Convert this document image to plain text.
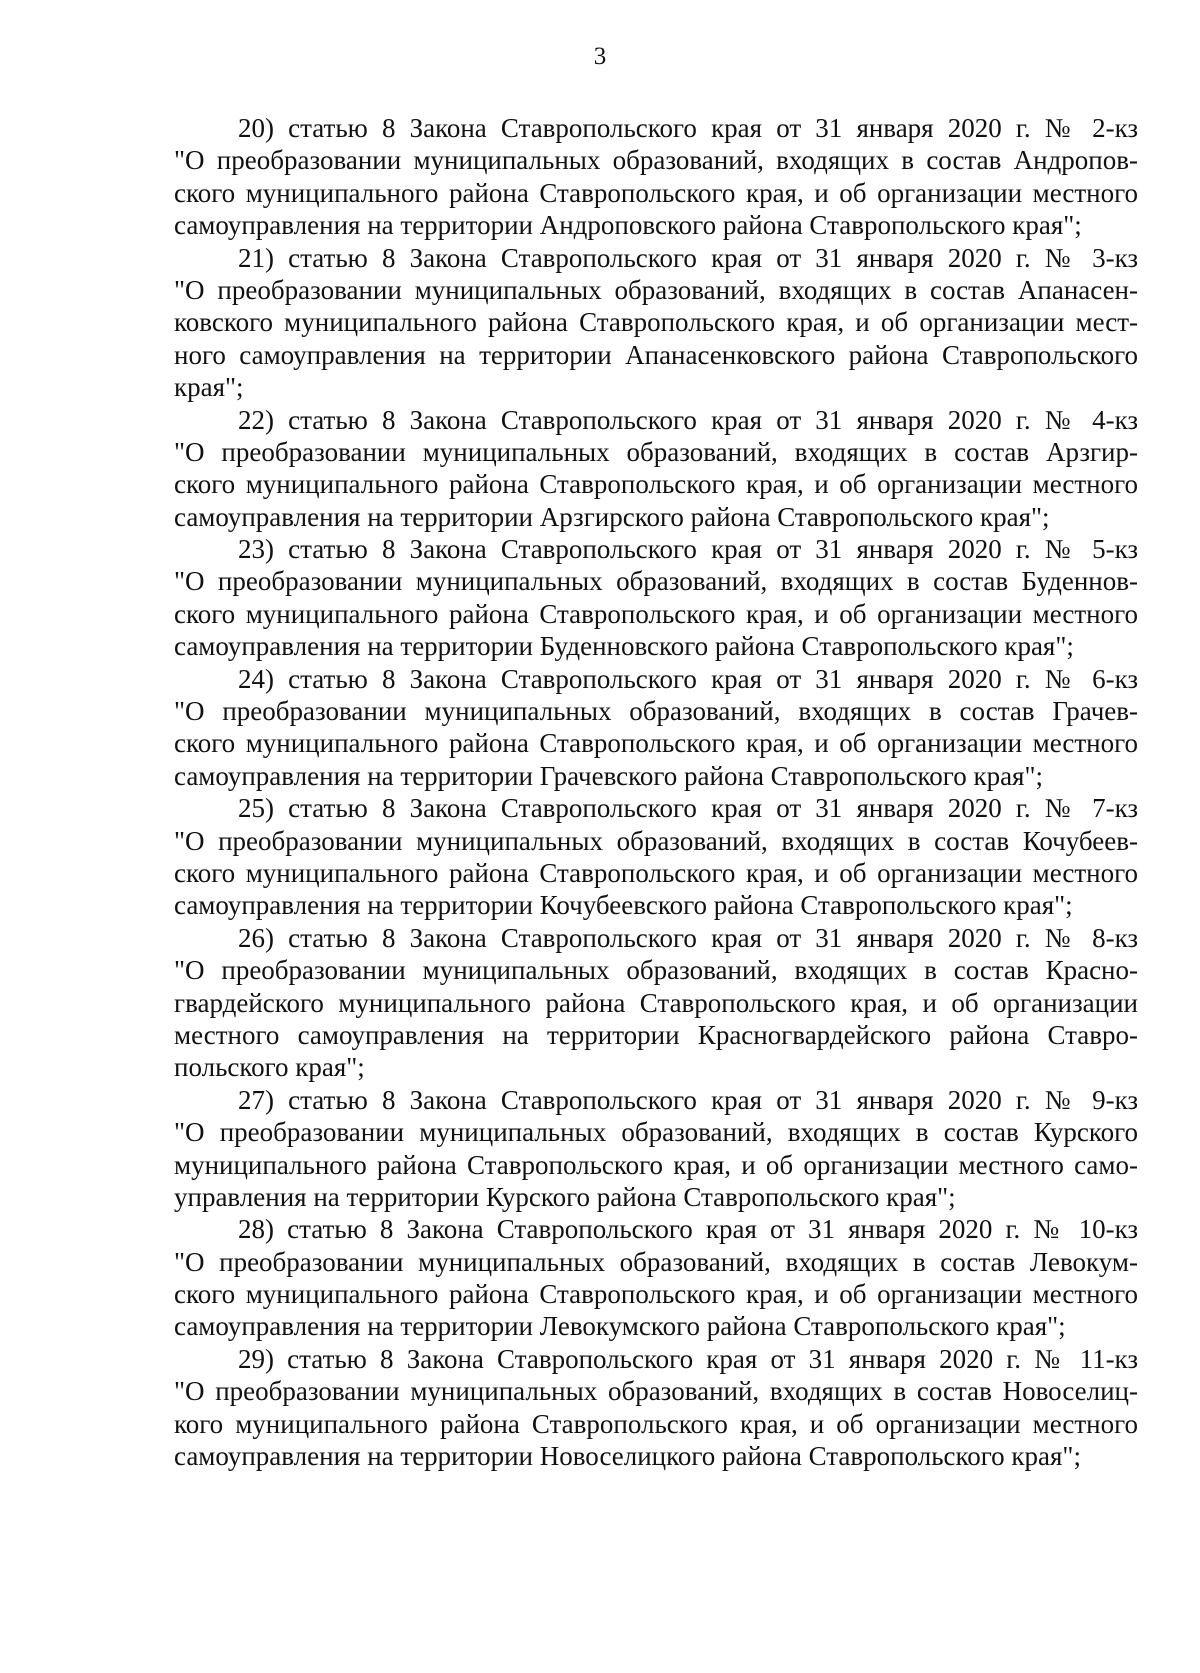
3
20) статью 8 Закона Ставропольского края от 31 января 2020 г. № 2-кз
"О преобразовании муниципальных образований, входящих в состав Андропов-
ского муниципального района Ставропольского края, и об организации местного
самоуправления на территории Андроповского района Ставропольского края";
21) статью 8 Закона Ставропольского края от 31 января 2020 г. № 3-кз
"О преобразовании муниципальных образований, входящих в состав Апанасен-
ковского муниципального района Ставропольского края, и об организации мест-
ного самоуправления на территории Апанасенковского района Ставропольского
края";
22) статью 8 Закона Ставропольского края от 31 января 2020 г. № 4-кз
"О преобразовании муниципальных образований, входящих в состав Арзгир-
ского муниципального района Ставропольского края, и об организации местного
самоуправления на территории Арзгирского района Ставропольского края";
23) статью 8 Закона Ставропольского края от 31 января 2020 г. № 5-кз
"О преобразовании муниципальных образований, входящих в состав Буденнов-
ского муниципального района Ставропольского края, и об организации местного
самоуправления на территории Буденновского района Ставропольского края";
24) статью 8 Закона Ставропольского края от 31 января 2020 г. № 6-кз
"О преобразовании муниципальных образований, входящих в состав Грачев-
ского муниципального района Ставропольского края, и об организации местного
самоуправления на территории Грачевского района Ставропольского края";
25) статью 8 Закона Ставропольского края от 31 января 2020 г. № 7-кз
"О преобразовании муниципальных образований, входящих в состав Кочубеев-
ского муниципального района Ставропольского края, и об организации местного
самоуправления на территории Кочубеевского района Ставропольского края";
26) статью 8 Закона Ставропольского края от 31 января 2020 г. № 8-кз
"О преобразовании муниципальных образований, входящих в состав Красно-
гвардейского муниципального района Ставропольского края, и об организации
местного самоуправления на территории Красногвардейского района Ставро-
польского края";
27) статью 8 Закона Ставропольского края от 31 января 2020 г. № 9-кз
"О преобразовании муниципальных образований, входящих в состав Курского
муниципального района Ставропольского края, и об организации местного само-
управления на территории Курского района Ставропольского края";
28) статью 8 Закона Ставропольского края от 31 января 2020 г. № 10-кз
"О преобразовании муниципальных образований, входящих в состав Левокум-
ского муниципального района Ставропольского края, и об организации местного
самоуправления на территории Левокумского района Ставропольского края";
29) статью 8 Закона Ставропольского края от 31 января 2020 г. № 11-кз
"О преобразовании муниципальных образований, входящих в состав Новоселиц-
кого муниципального района Ставропольского края, и об организации местного
самоуправления на территории Новоселицкого района Ставропольского края";
